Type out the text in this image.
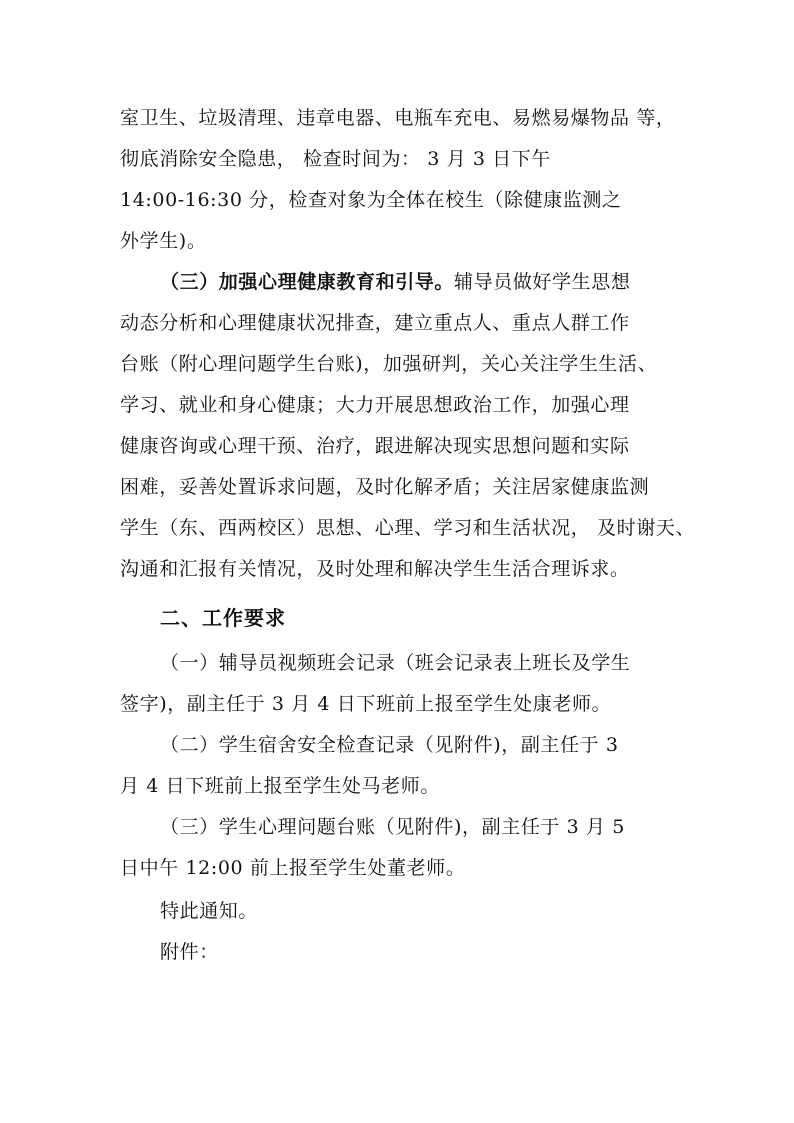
室卫生、垃圾清理、违章电器、电瓶车充电、易燃易爆物品 等，
彻底消除安全隐患， 检查时间为： 3 月 3 日下午
14:00-16:30 分，检查对象为全体在校生（除健康监测之
外学生)。
（三）加强心理健康教育和引导。辅导员做好学生思想
动态分析和心理健康状况排查，建立重点人、重点人群工作
台账（附心理问题学生台账)，加强研判，关心关注学生生活、
学习、就业和身心健康；大力开展思想政治工作，加强心理
健康咨询或心理干预、治疗，跟进解决现实思想问题和实际
困难，妥善处置诉求问题，及时化解矛盾；关注居家健康监测
学生（东、西两校区）思想、心理、学习和生活状况， 及时谢天、
沟通和汇报有关情况，及时处理和解决学生生活合理诉求。
二、工作要求
（一）辅导员视频班会记录（班会记录表上班长及学生
签字)，副主任于 3 月 4 日下班前上报至学生处康老师。
（二）学生宿舍安全检查记录（见附件)，副主任于 3
月 4 日下班前上报至学生处马老师。
（三）学生心理问题台账（见附件)，副主任于 3 月 5
日中午 12:00 前上报至学生处董老师。
特此通知。
附件：
